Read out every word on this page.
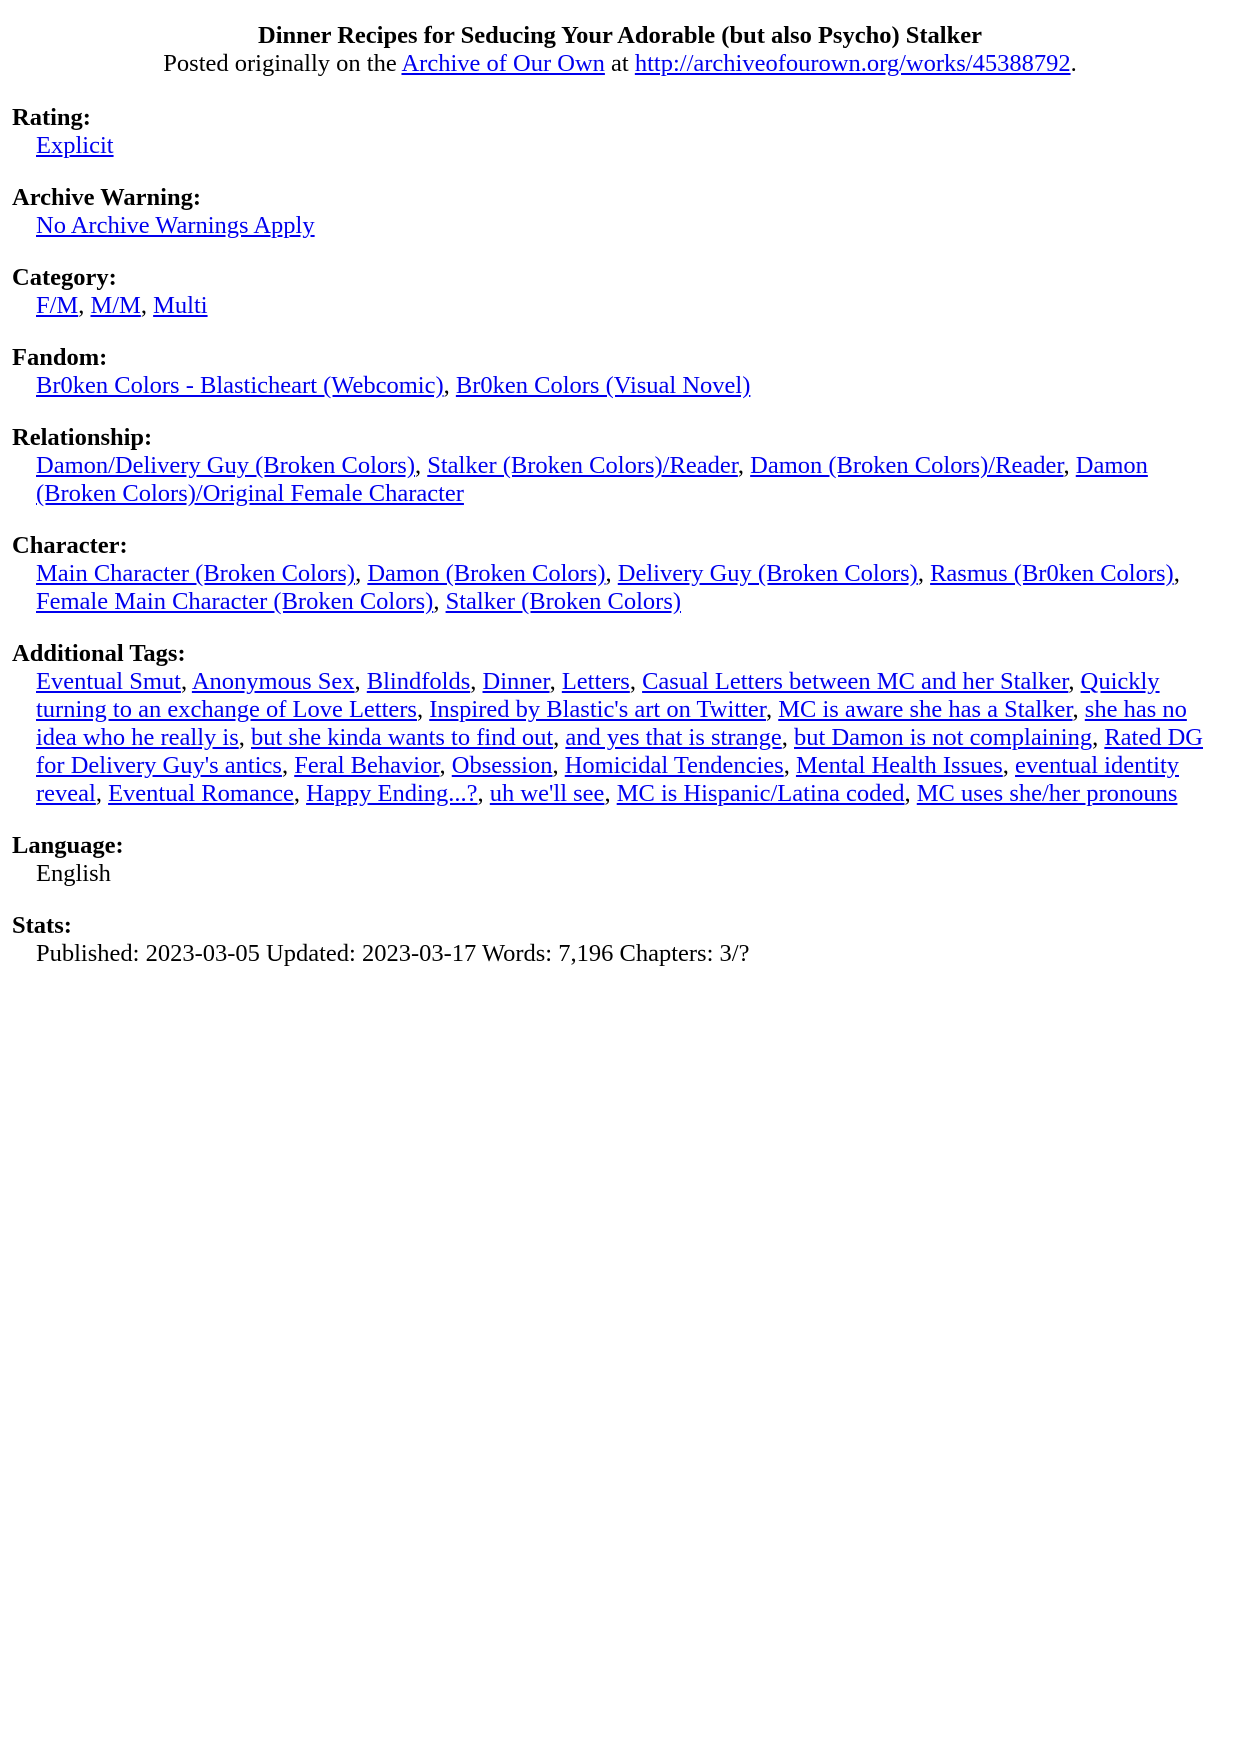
Dinner Recipes for Seducing Your Adorable (but also Psycho) Stalker
Posted originally on the Archive of Our Own at http://archiveofourown.org/works/45388792.
Rating:
Explicit
Archive Warning:
No Archive Warnings Apply
Category:
F/M, M/M, Multi
Fandom:
Br0ken Colors - Blasticheart (Webcomic), Br0ken Colors (Visual Novel)
Relationship:
Damon/Delivery Guy (Broken Colors), Stalker (Broken Colors)/Reader, Damon (Broken Colors)/Reader, Damon (Broken Colors)/Original Female Character
Character:
Main Character (Broken Colors), Damon (Broken Colors), Delivery Guy (Broken Colors), Rasmus (Br0ken Colors), Female Main Character (Broken Colors), Stalker (Broken Colors)
Additional Tags:
Eventual Smut, Anonymous Sex, Blindfolds, Dinner, Letters, Casual Letters between MC and her Stalker, Quickly turning to an exchange of Love Letters, Inspired by Blastic's art on Twitter, MC is aware she has a Stalker, she has no idea who he really is, but she kinda wants to find out, and yes that is strange, but Damon is not complaining, Rated DG for Delivery Guy's antics, Feral Behavior, Obsession, Homicidal Tendencies, Mental Health Issues, eventual identity reveal, Eventual Romance, Happy Ending...?, uh we'll see, MC is Hispanic/Latina coded, MC uses she/her pronouns
Language:
English
Stats:
Published: 2023-03-05 Updated: 2023-03-17 Words: 7,196 Chapters: 3/?
